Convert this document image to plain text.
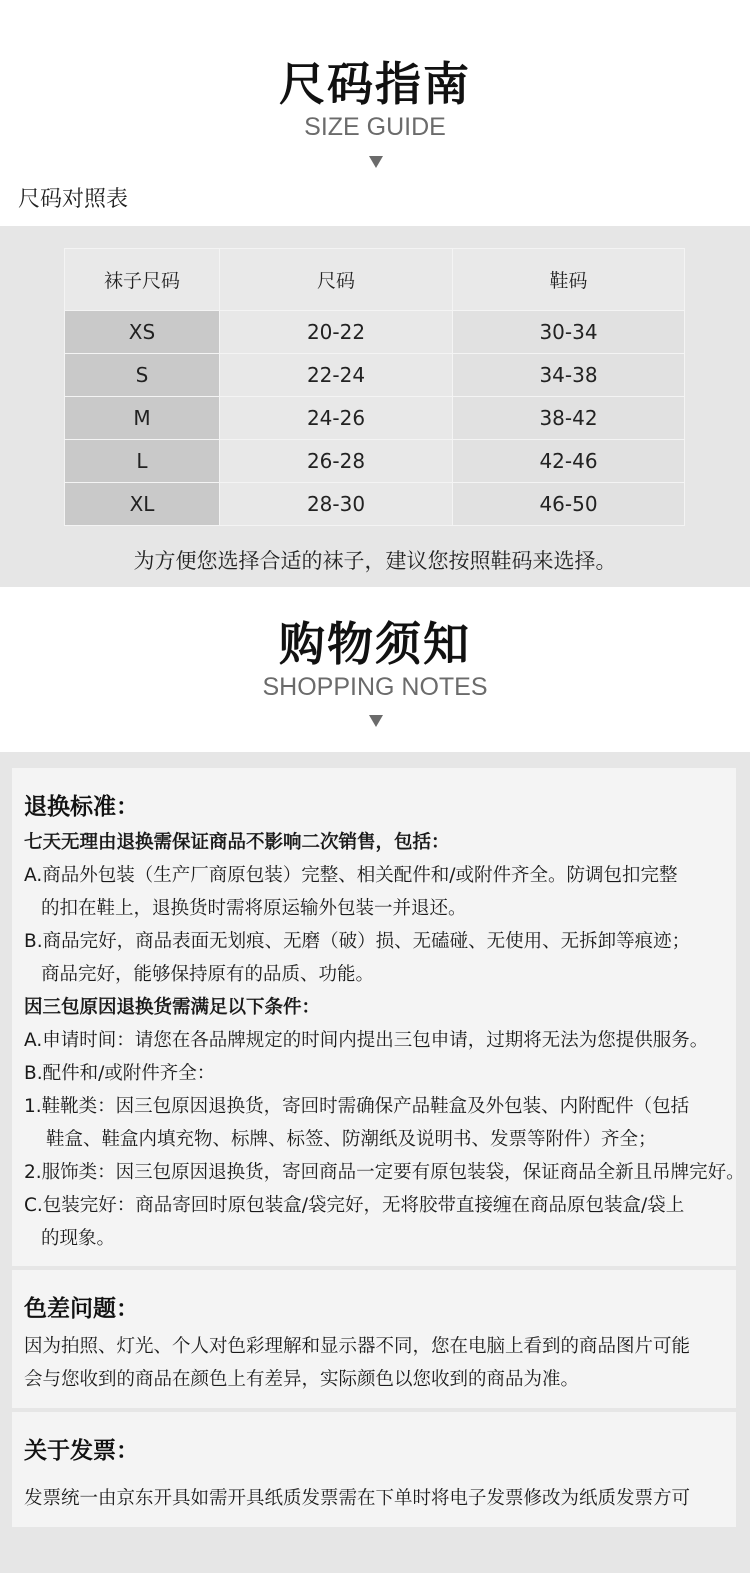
尺码指南
SIZE GUIDE
尺码对照表
袜子尺码	尺码	鞋码
XS	20-22	30-34
S	22-24	34-38
M	24-26	38-42
L	26-28	42-46
XL	28-30	46-50
为方便您选择合适的袜子，建议您按照鞋码来选择。
购物须知
SHOPPING NOTES
退换标准：
七天无理由退换需保证商品不影响二次销售，包括：
A.商品外包装（生产厂商原包装）完整、相关配件和/或附件齐全。防调包扣完整
的扣在鞋上，退换货时需将原运输外包装一并退还。
B.商品完好，商品表面无划痕、无磨（破）损、无磕碰、无使用、无拆卸等痕迹；
商品完好，能够保持原有的品质、功能。
因三包原因退换货需满足以下条件：
A.申请时间：请您在各品牌规定的时间内提出三包申请，过期将无法为您提供服务。
B.配件和/或附件齐全：
1.鞋靴类：因三包原因退换货，寄回时需确保产品鞋盒及外包装、内附配件（包括
鞋盒、鞋盒内填充物、标牌、标签、防潮纸及说明书、发票等附件）齐全；
2.服饰类：因三包原因退换货，寄回商品一定要有原包装袋，保证商品全新且吊牌完好。
C.包装完好：商品寄回时原包装盒/袋完好，无将胶带直接缠在商品原包装盒/袋上
的现象。
色差问题：
因为拍照、灯光、个人对色彩理解和显示器不同，您在电脑上看到的商品图片可能
会与您收到的商品在颜色上有差异，实际颜色以您收到的商品为准。
关于发票：
发票统一由京东开具如需开具纸质发票需在下单时将电子发票修改为纸质发票方可
